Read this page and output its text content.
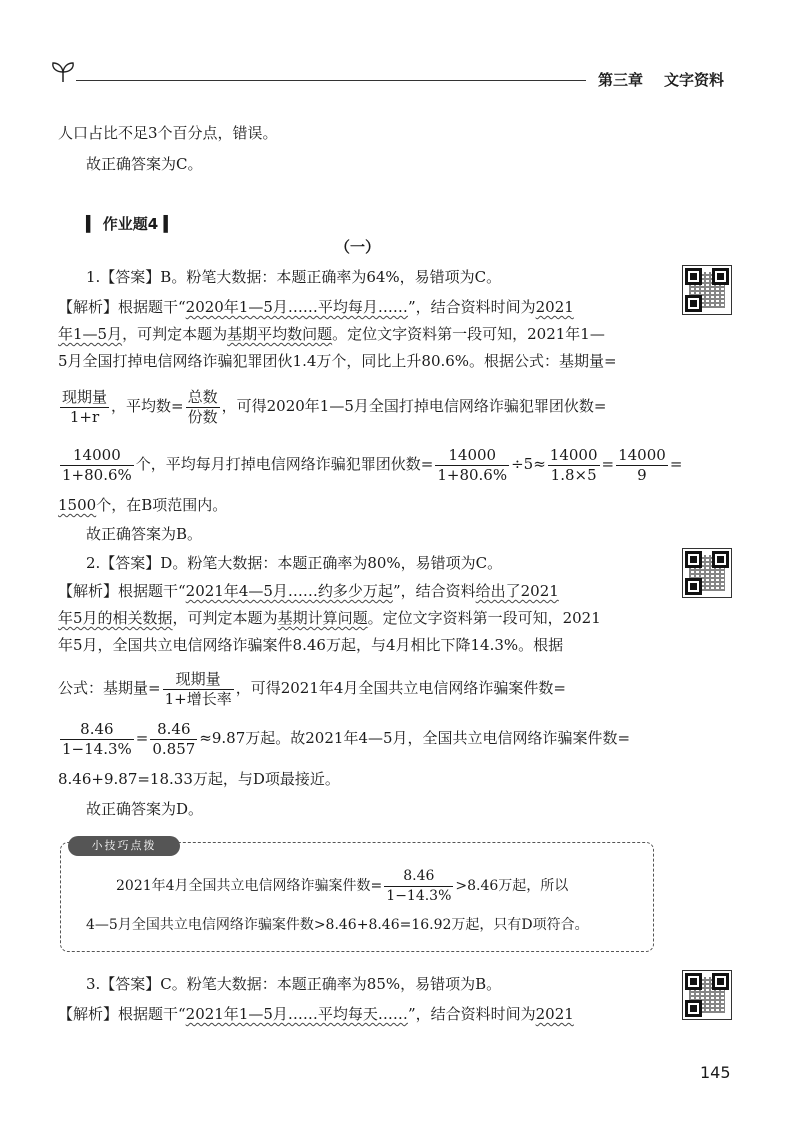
第三章 文字资料
人口占比不足3个百分点，错误。
故正确答案为C。
▍ 作业题4 ▍
（一）
1.【答案】B。粉笔大数据：本题正确率为64%，易错项为C。
【解析】根据题干“2020年1—5月……平均每月……”，结合资料时间为2021
年1—5月，可判定本题为基期平均数问题。定位文字资料第一段可知，2021年1—
5月全国打掉电信网络诈骗犯罪团伙1.4万个，同比上升80.6%。根据公式：基期量=
$\frac{\text{现期量}}{1+r}$ ，平均数= $\frac{\text{总数}}{\text{份数}}$ ，可得2020年1—5月全国打掉电信网络诈骗犯罪团伙数=
$\frac{14000}{1+80.6\%}$ 个，平均每月打掉电信网络诈骗犯罪团伙数= $\frac{14000}{1+80.6\%} \div 5\approx \frac{14000}{1.8\times 5} = \frac{14000}{9}$ =
1500个，在B项范围内。
故正确答案为B。
2.【答案】D。粉笔大数据：本题正确率为80%，易错项为C。
【解析】根据题干“2021年4—5月……约多少万起”，结合资料给出了2021
年5月的相关数据，可判定本题为基期计算问题。定位文字资料第一段可知，2021
年5月，全国共立电信网络诈骗案件8.46万起，与4月相比下降14.3%。根据
公式：基期量= $\frac{\text{现期量}}{\text{1+增长率}}$ ，可得2021年4月全国共立电信网络诈骗案件数=
$\frac{8.46}{1-14.3\%} = \frac{8.46}{0.857} \approx 9.87$万起。故2021年4—5月，全国共立电信网络诈骗案件数=
8.46+9.87=18.33万起，与D项最接近。
故正确答案为D。
小技巧点拨
2021年4月全国共立电信网络诈骗案件数= $\frac{8.46}{1-14.3\%} >8.46$万起，所以
4—5月全国共立电信网络诈骗案件数>8.46+8.46=16.92万起，只有D项符合。
3.【答案】C。粉笔大数据：本题正确率为85%，易错项为B。
【解析】根据题干“2021年1—5月……平均每天……”，结合资料时间为2021
145
